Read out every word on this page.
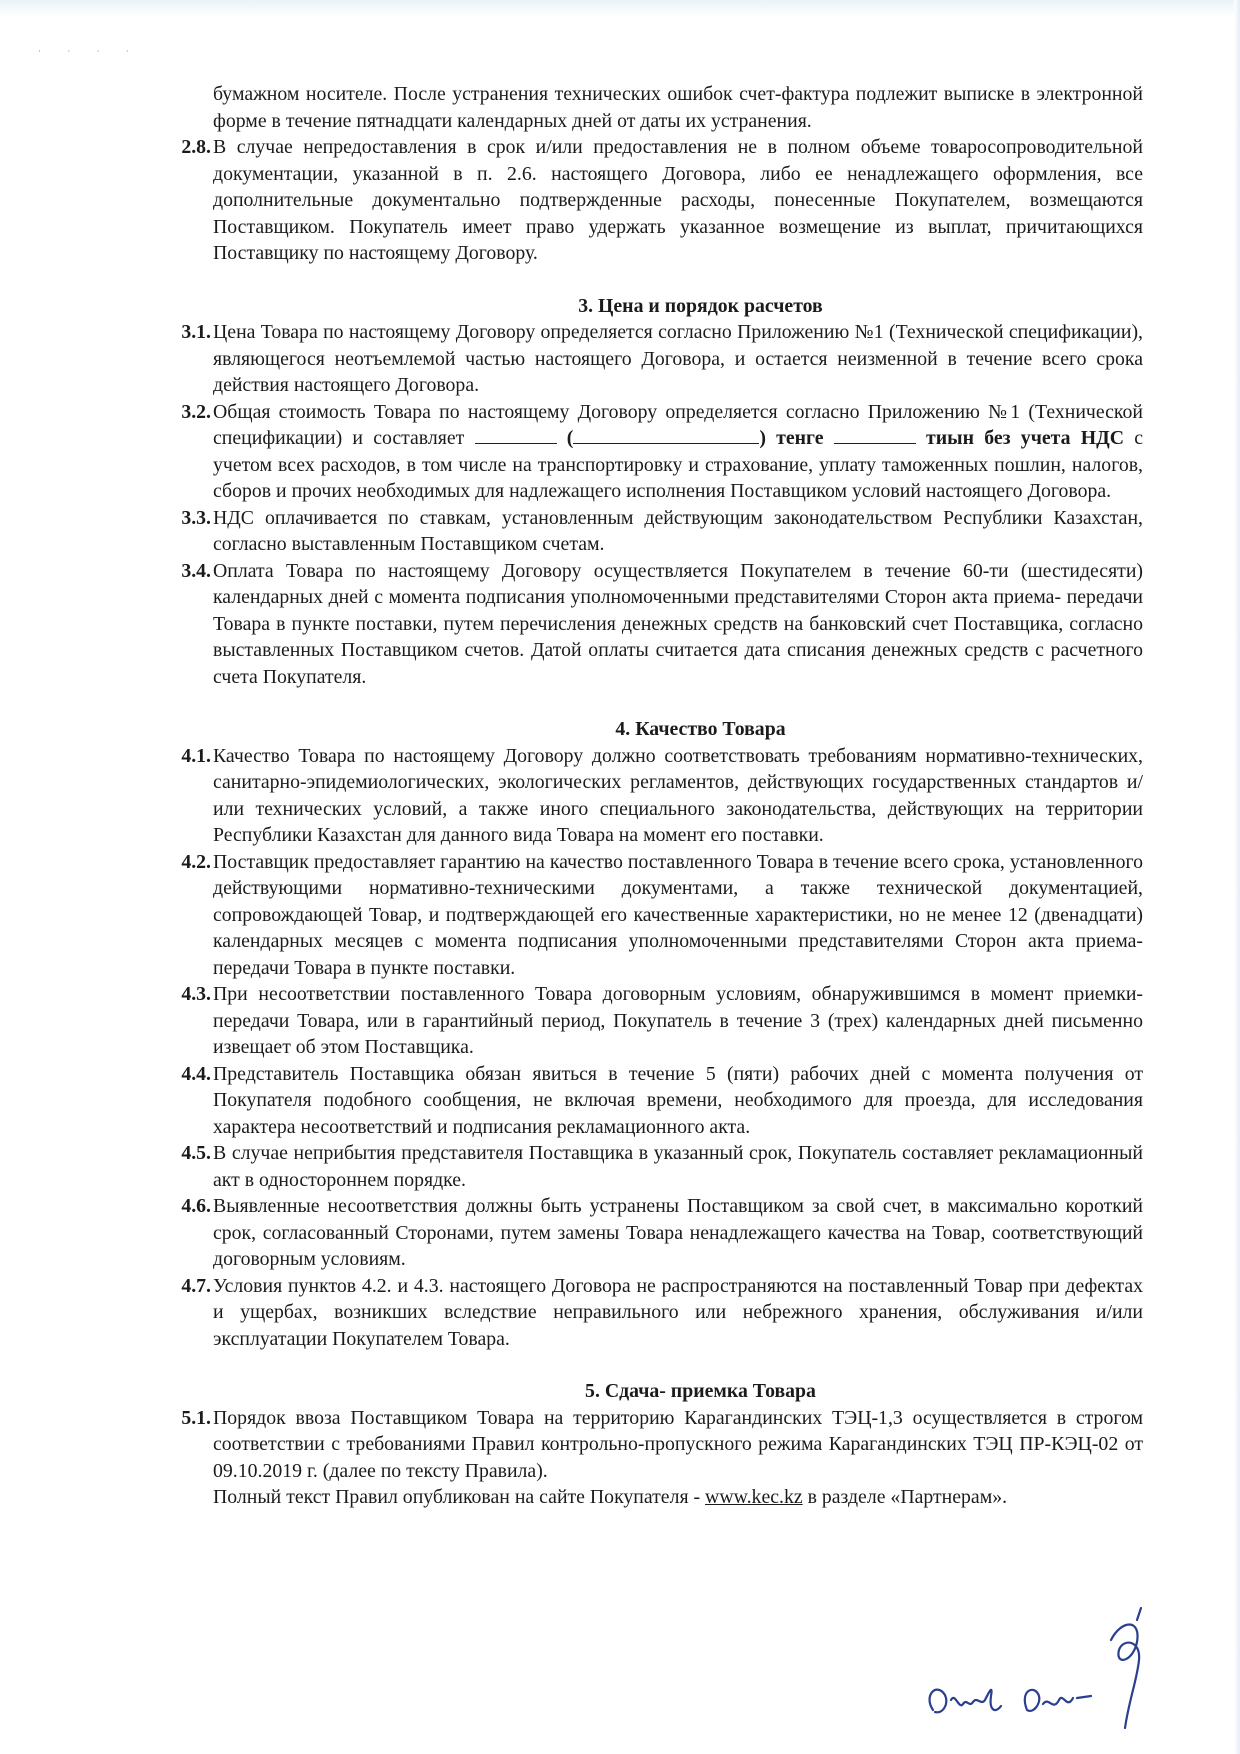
· · · ·
бумажном носителе. После устранения технических ошибок счет-фактура подлежит выписке в электронной форме в течение пятнадцати календарных дней от даты их устранения.
2.8. В случае непредоставления в срок и/или предоставления не в полном объеме товаросопроводительной документации, указанной в п. 2.6. настоящего Договора, либо ее ненадлежащего оформления, все дополнительные документально подтвержденные расходы, понесенные Покупателем, возмещаются Поставщиком. Покупатель имеет право удержать указанное возмещение из выплат, причитающихся Поставщику по настоящему Договору.
3. Цена и порядок расчетов
3.1. Цена Товара по настоящему Договору определяется согласно Приложению №1 (Технической спецификации), являющегося неотъемлемой частью настоящего Договора, и остается неизменной в течение всего срока действия настоящего Договора.
3.2. Общая стоимость Товара по настоящему Договору определяется согласно Приложению №1 (Технической спецификации) и составляет	(	) тенге	тиын без учета НДС с учетом всех расходов, в том числе на транспортировку и страхование, уплату таможенных пошлин, налогов, сборов и прочих необходимых для надлежащего исполнения Поставщиком условий настоящего Договора.
3.3. НДС оплачивается по ставкам, установленным действующим законодательством Республики Казахстан, согласно выставленным Поставщиком счетам.
3.4. Оплата Товара по настоящему Договору осуществляется Покупателем в течение 60-ти (шестидесяти) календарных дней с момента подписания уполномоченными представителями Сторон акта приема- передачи Товара в пункте поставки, путем перечисления денежных средств на банковский счет Поставщика, согласно выставленных Поставщиком счетов. Датой оплаты считается дата списания денежных средств с расчетного счета Покупателя.
4. Качество Товара
4.1. Качество Товара по настоящему Договору должно соответствовать требованиям нормативно-технических, санитарно-эпидемиологических, экологических регламентов, действующих государственных стандартов и/или технических условий, а также иного специального законодательства, действующих на территории Республики Казахстан для данного вида Товара на момент его поставки.
4.2. Поставщик предоставляет гарантию на качество поставленного Товара в течение всего срока, установленного действующими нормативно-техническими документами, а также технической документацией, сопровождающей Товар, и подтверждающей его качественные характеристики, но не менее 12 (двенадцати) календарных месяцев с момента подписания уполномоченными представителями Сторон акта приема-передачи Товара в пункте поставки.
4.3. При несоответствии поставленного Товара договорным условиям, обнаружившимся в момент приемки-передачи Товара, или в гарантийный период, Покупатель в течение 3 (трех) календарных дней письменно извещает об этом Поставщика.
4.4. Представитель Поставщика обязан явиться в течение 5 (пяти) рабочих дней с момента получения от Покупателя подобного сообщения, не включая времени, необходимого для проезда, для исследования характера несоответствий и подписания рекламационного акта.
4.5. В случае неприбытия представителя Поставщика в указанный срок, Покупатель составляет рекламационный акт в одностороннем порядке.
4.6. Выявленные несоответствия должны быть устранены Поставщиком за свой счет, в максимально короткий срок, согласованный Сторонами, путем замены Товара ненадлежащего качества на Товар, соответствующий договорным условиям.
4.7. Условия пунктов 4.2. и 4.3. настоящего Договора не распространяются на поставленный Товар при дефектах и ущербах, возникших вследствие неправильного или небрежного хранения, обслуживания и/или эксплуатации Покупателем Товара.
5. Сдача- приемка Товара
5.1. Порядок ввоза Поставщиком Товара на территорию Карагандинских ТЭЦ-1,3 осуществляется в строгом соответствии с требованиями Правил контрольно-пропускного режима Карагандинских ТЭЦ ПР-КЭЦ-02 от 09.10.2019 г. (далее по тексту Правила).
Полный текст Правил опубликован на сайте Покупателя - www.kec.kz в разделе «Партнерам».
